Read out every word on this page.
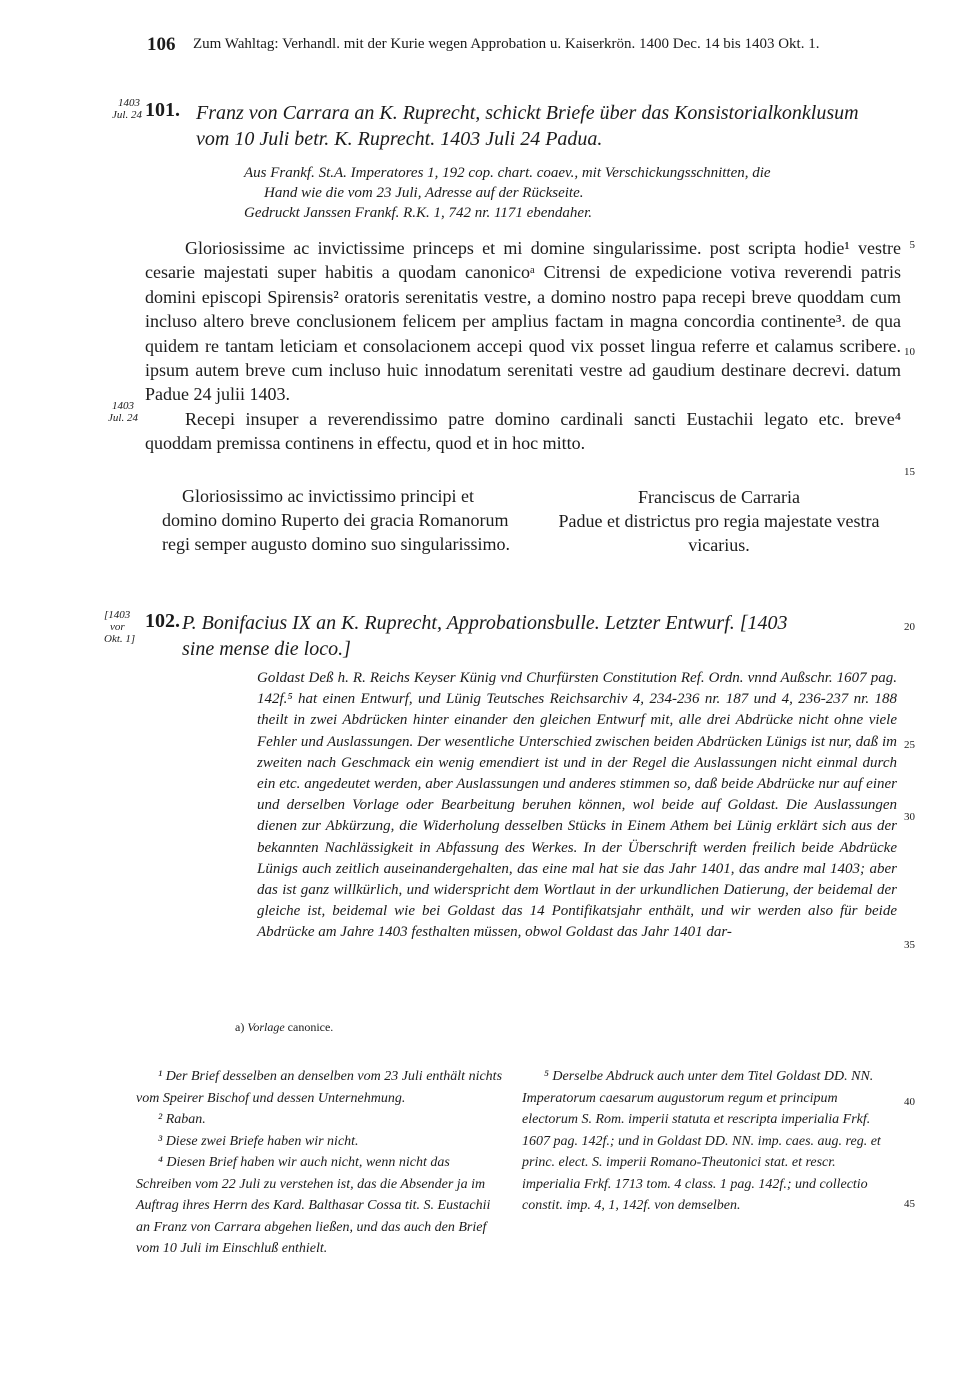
106 Zum Wahltag: Verhandl. mit der Kurie wegen Approbation u. Kaiserkrön. 1400 Dec. 14 bis 1403 Okt. 1.
1403
Jul. 24 101. Franz von Carrara an K. Ruprecht, schickt Briefe über das Konsistorialkonklusum
vom 10 Juli betr. K. Ruprecht. 1403 Juli 24 Padua.
Aus Frankf. St.A. Imperatores 1, 192 cop. chart. coaev., mit Verschickungsschnitten, die
Hand wie die vom 23 Juli, Adresse auf der Rückseite.
Gedruckt Janssen Frankf. R.K. 1, 742 nr. 1171 ebendaher.
5

Gloriosissime ac invictissime princeps et mi domine singularissime. post scripta hodie¹ vestre cesarie majestati super habitis a quodam canonicoᵃ Citrensi de expedicione votiva reverendi patris domini episcopi Spirensis² oratoris serenitatis vestre, a domino nostro papa recepi breve quoddam cum incluso altero breve conclusionem felicem per amplius factam in magna concordia continente³. de qua quidem re tantam leticiam et consolacionem accepi quod vix posset lingua referre et calamus scribere. ipsum autem breve cum incluso huic innodatum serenitati vestre ad gaudium destinare decrevi. datum Padue 24 julii 1403.

Recepi insuper a reverendissimo patre domino cardinali sancti Eustachii legato etc. breve⁴ quoddam premissa continens in effectu, quod et in hoc mitto.

1403
Jul. 24
10
15
Gloriosissimo ac invictissimo principi et domino domino Ruperto dei gracia Romanorum regi semper augusto domino suo singularissimo.
Franciscus de Carraria
Padue et districtus pro regia majestate vestra vicarius.
[1403
vor
Okt. 1]
102. P. Bonifacius IX an K. Ruprecht, Approbationsbulle. Letzter Entwurf. [1403
sine mense die loco.]
20

Goldast Deß h. R. Reichs Keyser Künig vnd Churfürsten Constitution Ref. Ordn. vnnd Außschr. 1607 pag. 142f.⁵ hat einen Entwurf, und Lünig Teutsches Reichsarchiv 4, 234-236 nr. 187 und 4, 236-237 nr. 188 theilt in zwei Abdrücken hinter einander den gleichen Entwurf mit, alle drei Abdrücke nicht ohne viele Fehler und Auslassungen. Der wesentliche Unterschied zwischen beiden Abdrücken Lünigs ist nur, daß im zweiten nach Geschmack ein wenig emendiert ist und in der Regel die Auslassungen nicht einmal durch ein etc. angedeutet werden, aber Auslassungen und anderes stimmen so, daß beide Abdrücke nur auf einer und derselben Vorlage oder Bearbeitung beruhen können, wol beide auf Goldast. Die Auslassungen dienen zur Abkürzung, die Widerholung desselben Stücks in Einem Athem bei Lünig erklärt sich aus der bekannten Nachlässigkeit in Abfassung des Werkes. In der Überschrift werden freilich beide Abdrücke Lünigs auch zeitlich auseinandergehalten, das eine mal hat sie das Jahr 1401, das andre mal 1403; aber das ist ganz willkürlich, und widerspricht dem Wortlaut in der urkundlichen Datierung, der beidemal der gleiche ist, beidemal wie bei Goldast das 14 Pontifikatsjahr enthält, und wir werden also für beide Abdrücke am Jahre 1403 festhalten müssen, obwol Goldast das Jahr 1401 dar-

25
30
35
a) Vorlage canonice.

¹ Der Brief desselben an denselben vom 23 Juli enthält nichts vom Speirer Bischof und dessen Unternehmung.

² Raban.

³ Diese zwei Briefe haben wir nicht.

⁴ Diesen Brief haben wir auch nicht, wenn nicht das Schreiben vom 22 Juli zu verstehen ist, das die Absender ja im Auftrag ihres Herrn des Kard. Balthasar Cossa tit. S. Eustachii an Franz von Carrara abgehen ließen, und das auch den Brief vom 10 Juli im Einschluß enthielt.

⁵ Derselbe Abdruck auch unter dem Titel Goldast DD. NN. Imperatorum caesarum augustorum regum et principum electorum S. Rom. imperii statuta et rescripta imperialia Frkf. 1607 pag. 142f.; und in Goldast DD. NN. imp. caes. aug. reg. et princ. elect. S. imperii Romano-Theutonici stat. et rescr. imperialia Frkf. 1713 tom. 4 class. 1 pag. 142f.; und collectio constit. imp. 4, 1, 142f. von demselben.

40
45
